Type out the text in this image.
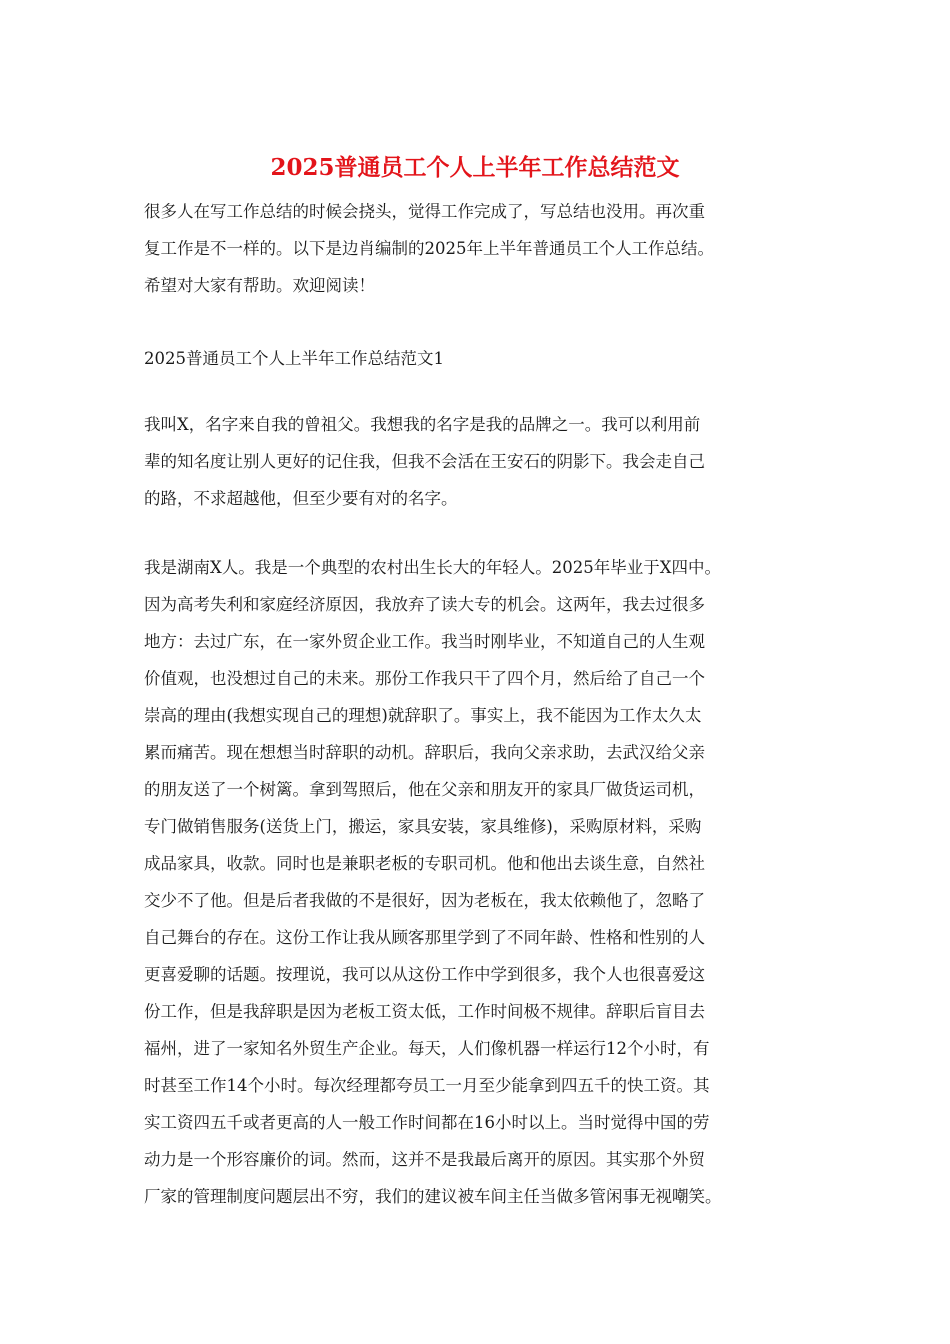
2025普通员工个人上半年工作总结范文
很多人在写工作总结的时候会挠头，觉得工作完成了，写总结也没用。再次重
复工作是不一样的。以下是边肖编制的2025年上半年普通员工个人工作总结。
希望对大家有帮助。欢迎阅读！
2025普通员工个人上半年工作总结范文1
我叫X，名字来自我的曾祖父。我想我的名字是我的品牌之一。我可以利用前
辈的知名度让别人更好的记住我，但我不会活在王安石的阴影下。我会走自己
的路，不求超越他，但至少要有对的名字。
我是湖南X人。我是一个典型的农村出生长大的年轻人。2025年毕业于X四中。
因为高考失利和家庭经济原因，我放弃了读大专的机会。这两年，我去过很多
地方：去过广东，在一家外贸企业工作。我当时刚毕业，不知道自己的人生观
价值观，也没想过自己的未来。那份工作我只干了四个月，然后给了自己一个
崇高的理由(我想实现自己的理想)就辞职了。事实上，我不能因为工作太久太
累而痛苦。现在想想当时辞职的动机。辞职后，我向父亲求助，去武汉给父亲
的朋友送了一个树篱。拿到驾照后，他在父亲和朋友开的家具厂做货运司机，
专门做销售服务(送货上门，搬运，家具安装，家具维修)，采购原材料，采购
成品家具，收款。同时也是兼职老板的专职司机。他和他出去谈生意，自然社
交少不了他。但是后者我做的不是很好，因为老板在，我太依赖他了，忽略了
自己舞台的存在。这份工作让我从顾客那里学到了不同年龄、性格和性别的人
更喜爱聊的话题。按理说，我可以从这份工作中学到很多，我个人也很喜爱这
份工作，但是我辞职是因为老板工资太低，工作时间极不规律。辞职后盲目去
福州，进了一家知名外贸生产企业。每天，人们像机器一样运行12个小时，有
时甚至工作14个小时。每次经理都夸员工一月至少能拿到四五千的快工资。其
实工资四五千或者更高的人一般工作时间都在16小时以上。当时觉得中国的劳
动力是一个形容廉价的词。然而，这并不是我最后离开的原因。其实那个外贸
厂家的管理制度问题层出不穷，我们的建议被车间主任当做多管闲事无视嘲笑。
